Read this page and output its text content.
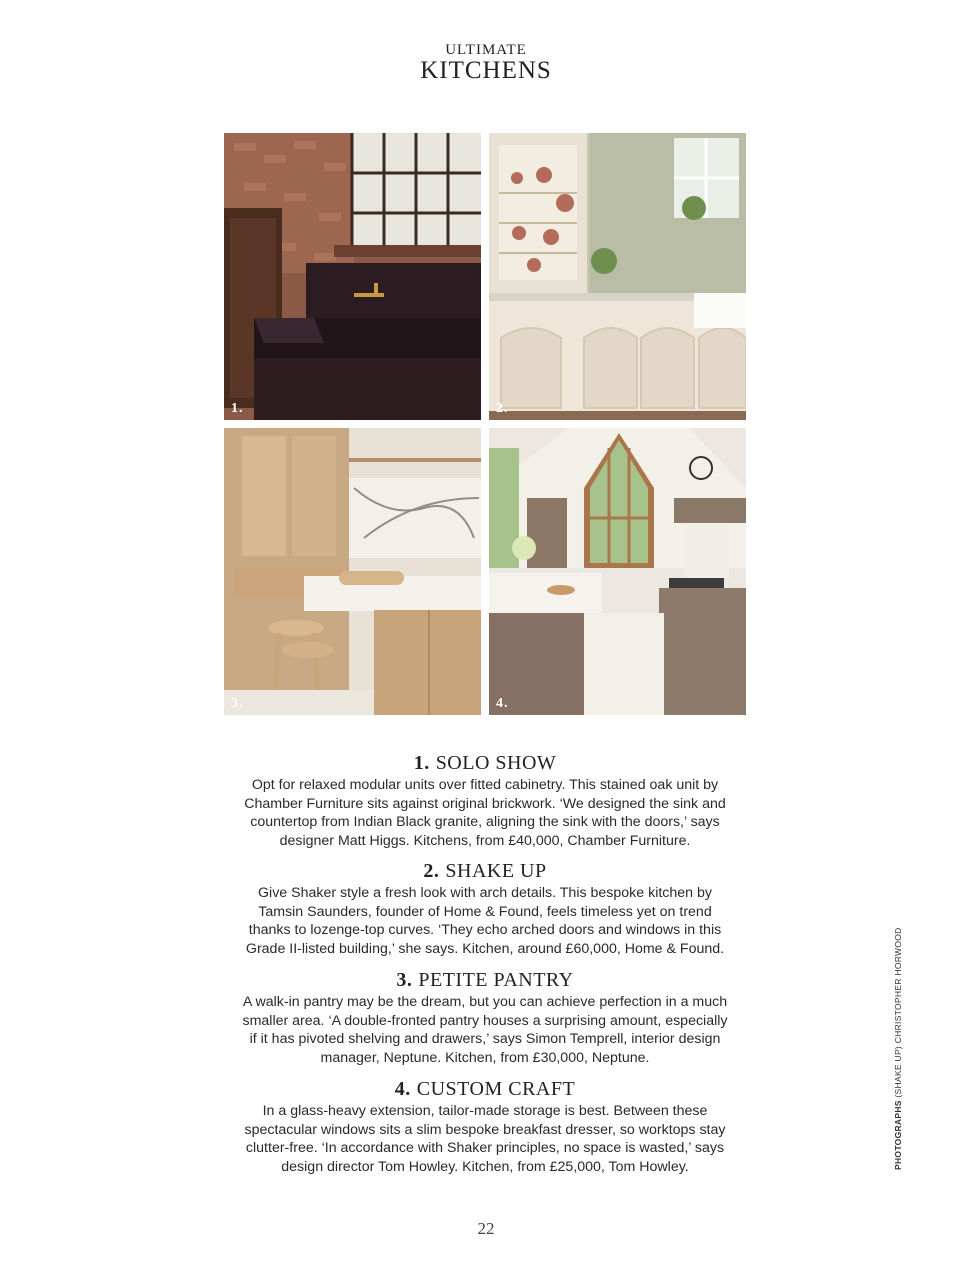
ULTIMATE
KITCHENS
1.	2.
3.	4.
1. SOLO SHOW

Opt for relaxed modular units over fitted cabinetry. This stained oak unit by Chamber Furniture sits against original brickwork. ‘We designed the sink and countertop from Indian Black granite, aligning the sink with the doors,’ says designer Matt Higgs. Kitchens, from £40,000, Chamber Furniture.

2. SHAKE UP

Give Shaker style a fresh look with arch details. This bespoke kitchen by Tamsin Saunders, founder of Home & Found, feels timeless yet on trend thanks to lozenge-top curves. ‘They echo arched doors and windows in this Grade II-listed building,’ she says. Kitchen, around £60,000, Home & Found.

3. PETITE PANTRY

A walk-in pantry may be the dream, but you can achieve perfection in a much smaller area. ‘A double-fronted pantry houses a surprising amount, especially if it has pivoted shelving and drawers,’ says Simon Temprell, interior design manager, Neptune. Kitchen, from £30,000, Neptune.

4. CUSTOM CRAFT

In a glass-heavy extension, tailor-made storage is best. Between these spectacular windows sits a slim bespoke breakfast dresser, so worktops stay clutter-free. ‘In accordance with Shaker principles, no space is wasted,’ says design director Tom Howley. Kitchen, from £25,000, Tom Howley.	PHOTOGRAPHS (SHAKE UP) CHRISTOPHER HORWOOD
22
